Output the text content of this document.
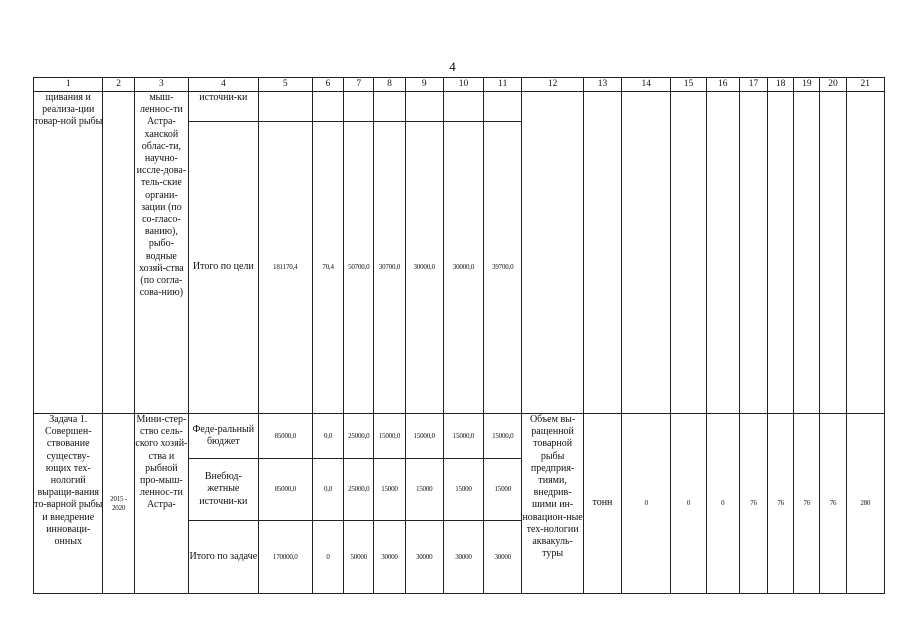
4
1	2	3	4	5	6	7	8	9	10	11	12	13	14	15	16	17	18	19	20	21
щивания и реализа-ции товар-ной рыбы		мыш-леннос-ти Астра-ханской облас-ти, научно-иссле-дова-тель-ские органи-зации (по со-гласо-ванию), рыбо-водные хозяй-ства (по согла-сова-нию)	источни-ки																	
			Итого по цели	181170,4	70,4	50700,0	30700,0	30000,0	30000,0	39700,0										
Задача 1. Совершен-ствование существу-ющих тех-нологий выращи-вания то-варной рыбы и внедрение инноваци-онных	2015 - 2020	Мини-стер-ство сель-ского хозяй-ства и рыбной про-мыш-леннос-ти Астра-	Феде-ральный бюджет	85000,0	0,0	25000,0	15000,0	15000,0	15000,0	15000,0	Объем вы-ращенной товарной рыбы предприя-тиями, внедрив-шими ин-новацион-ные тех-нологии аквакуль-туры	тонн	0	0	0	76	76	76	76	280
			Внебюд-жетные источни-ки	85000,0	0,0	25000,0	15000	15000	15000	15000										
			Итого по задаче	170000,0	0	50000	30000	30000	30000	30000										
